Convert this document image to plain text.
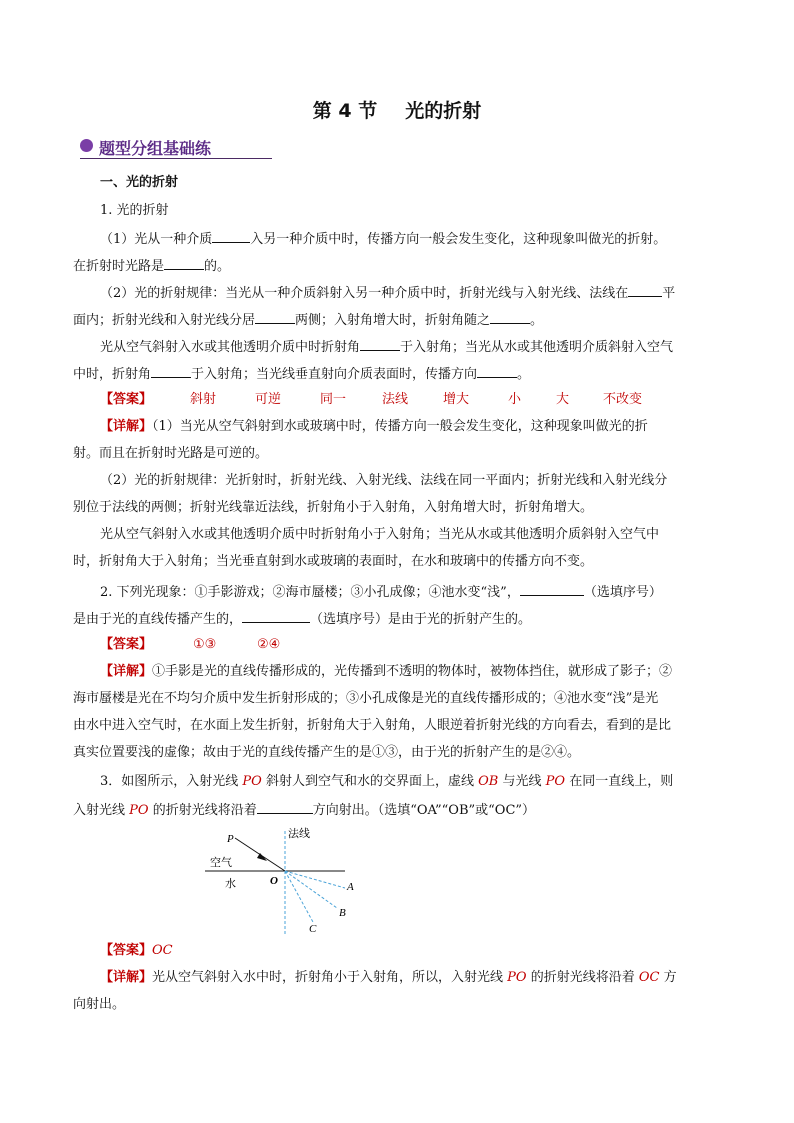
第 4 节 光的折射
题型分组基础练
一、光的折射
1. 光的折射
（1）光从一种介质	入另一种介质中时，传播方向一般会发生变化，这种现象叫做光的折射。
在折射时光路是	的。
（2）光的折射规律：当光从一种介质斜射入另一种介质中时，折射光线与入射光线、法线在	平
面内；折射光线和入射光线分居	两侧；入射角增大时，折射角随之	。
光从空气斜射入水或其他透明介质中时折射角	于入射角；当光从水或其他透明介质斜射入空气
中时，折射角	于入射角；当光线垂直射向介质表面时，传播方向	。
【答案】	斜射	可逆	同一	法线	增大	小	大	不改变
【详解】（1）当光从空气斜射到水或玻璃中时，传播方向一般会发生变化，这种现象叫做光的折
射。而且在折射时光路是可逆的。
（2）光的折射规律：光折射时，折射光线、入射光线、法线在同一平面内；折射光线和入射光线分
别位于法线的两侧；折射光线靠近法线，折射角小于入射角，入射角增大时，折射角增大。
光从空气斜射入水或其他透明介质中时折射角小于入射角；当光从水或其他透明介质斜射入空气中
时，折射角大于入射角；当光垂直射到水或玻璃的表面时，在水和玻璃中的传播方向不变。
2. 下列光现象：①手影游戏；②海市蜃楼；③小孔成像；④池水变“浅”，	（选填序号）
是由于光的直线传播产生的，	（选填序号）是由于光的折射产生的。
【答案】	①③	②④
【详解】①手影是光的直线传播形成的，光传播到不透明的物体时，被物体挡住，就形成了影子；②
海市蜃楼是光在不均匀介质中发生折射形成的；③小孔成像是光的直线传播形成的；④池水变“浅”是光
由水中进入空气时，在水面上发生折射，折射角大于入射角，人眼逆着折射光线的方向看去，看到的是比
真实位置要浅的虚像；故由于光的直线传播产生的是①③，由于光的折射产生的是②④。
3．如图所示，入射光线 PO 斜射人到空气和水的交界面上，虚线 OB 与光线 PO 在同一直线上，则
入射光线 PO 的折射光线将沿着	方向射出。（选填“OA”“OB”或“OC”）
P	法线
空气
水	O	A
B
C
【答案】OC
【详解】光从空气斜射入水中时，折射角小于入射角，所以，入射光线 PO 的折射光线将沿着 OC 方
向射出。
